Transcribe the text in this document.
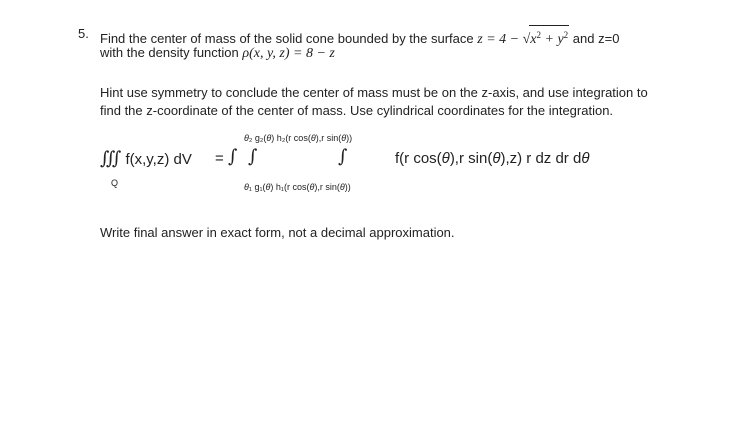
5. Find the center of mass of the solid cone bounded by the surface $z = 4 - √x^2 + y^2$ and z=0
with the density function ρ(x, y, z) = 8 − z
Hint use symmetry to conclude the center of mass must be on the z-axis, and use integration to
find the z-coordinate of the center of mass. Use cylindrical coordinates for the integration.
θ₂ g₂(θ) h₂(r cos(θ),r sin(θ))
∭ f(x,y,z) dV = ∫ ∫	∫	f(r cos(θ),r sin(θ),z) r dz dr dθ
Q	θ₁ g₁(θ) h₁(r cos(θ),r sin(θ))
Write final answer in exact form, not a decimal approximation.
